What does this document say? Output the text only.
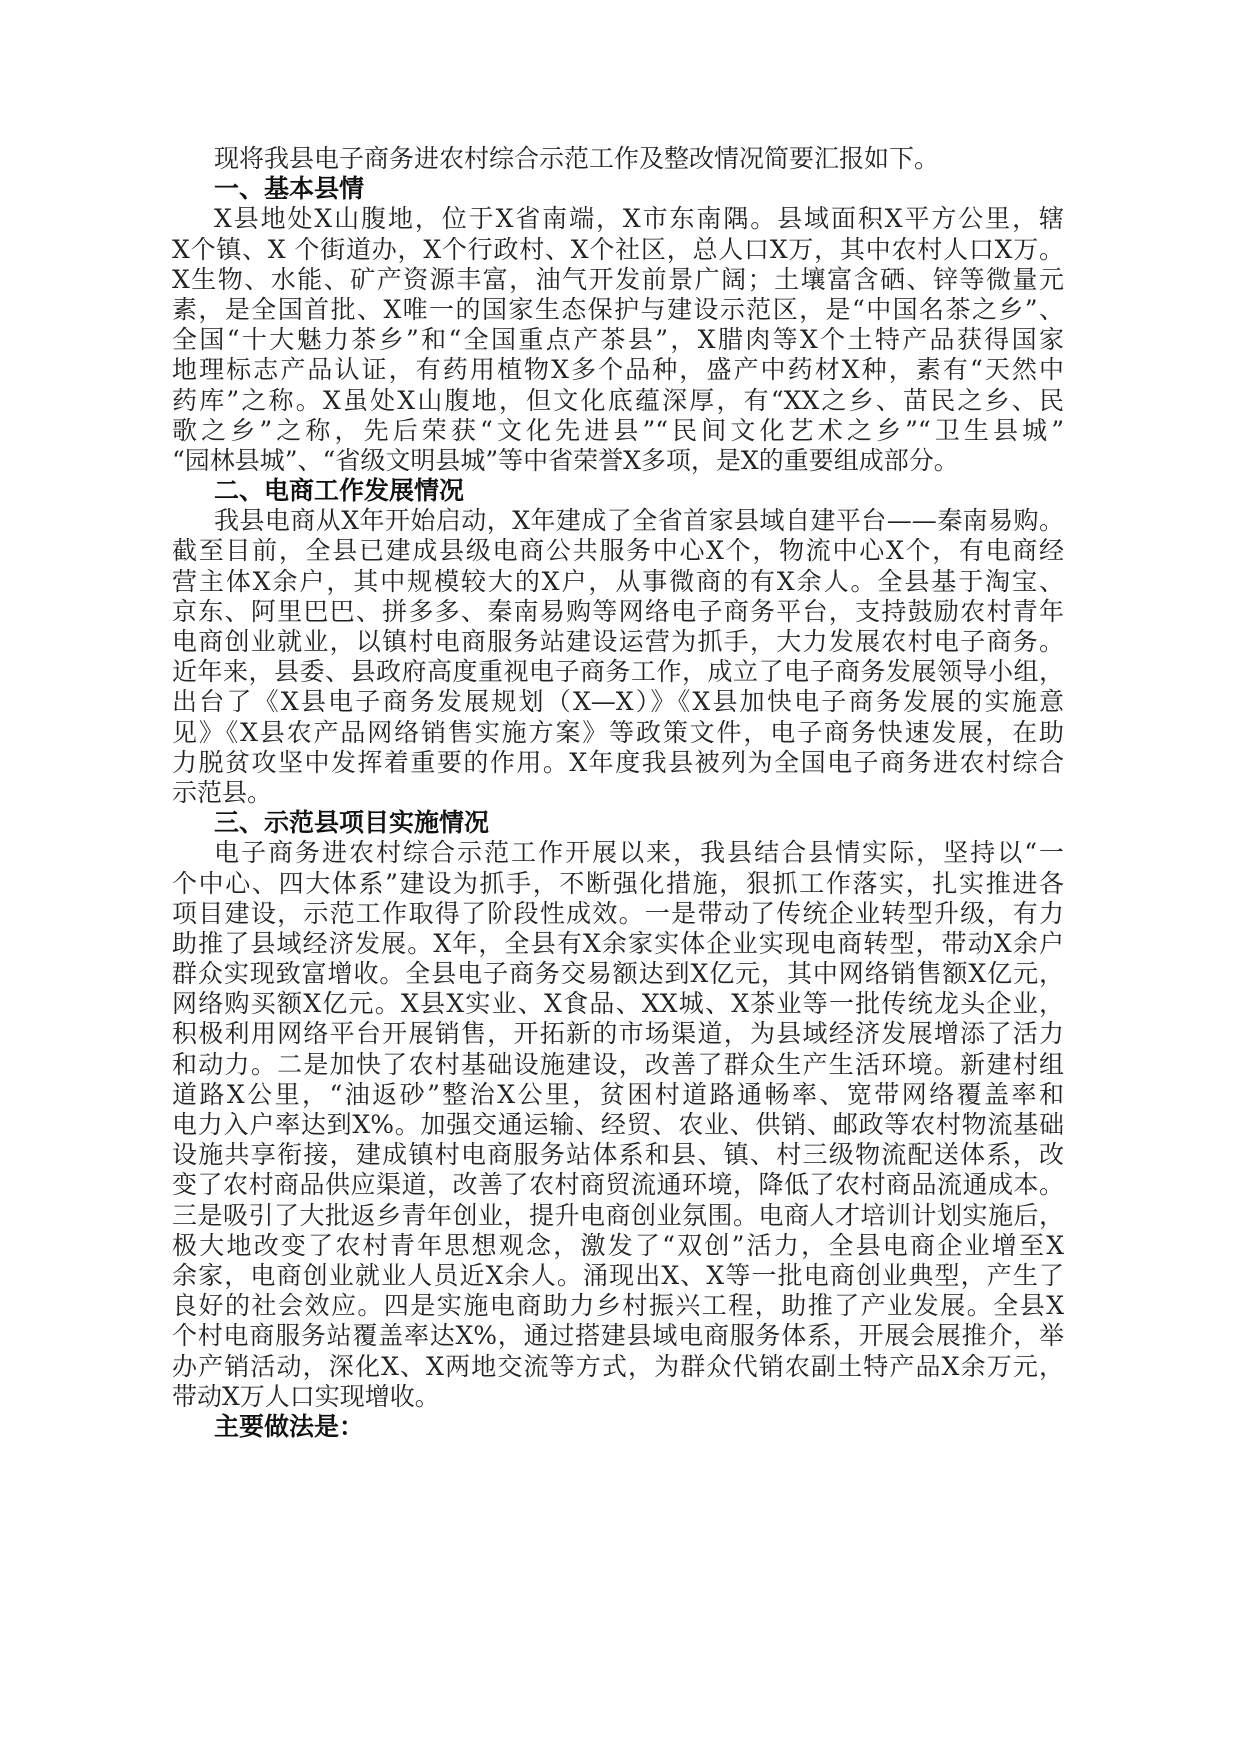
现将我县电子商务进农村综合示范工作及整改情况简要汇报如下。
一、基本县情
X县地处X山腹地，位于X省南端，X市东南隅。县域面积X平方公里，辖
X个镇、X 个街道办，X个行政村、X个社区，总人口X万，其中农村人口X万。
X生物、水能、矿产资源丰富，油气开发前景广阔；土壤富含硒、锌等微量元
素，是全国首批、X唯一的国家生态保护与建设示范区，是“中国名茶之乡”、
全国“十大魅力茶乡”和“全国重点产茶县”，X腊肉等X个土特产品获得国家
地理标志产品认证，有药用植物X多个品种，盛产中药材X种，素有“天然中
药库”之称。X虽处X山腹地，但文化底蕴深厚，有“XX之乡、苗民之乡、民
歌之乡”之称，先后荣获“文化先进县”“民间文化艺术之乡”“卫生县城”
“园林县城”、“省级文明县城”等中省荣誉X多项，是X的重要组成部分。
二、电商工作发展情况
我县电商从X年开始启动，X年建成了全省首家县域自建平台——秦南易购。
截至目前，全县已建成县级电商公共服务中心X个，物流中心X个，有电商经
营主体X余户，其中规模较大的X户，从事微商的有X余人。全县基于淘宝、
京东、阿里巴巴、拼多多、秦南易购等网络电子商务平台，支持鼓励农村青年
电商创业就业，以镇村电商服务站建设运营为抓手，大力发展农村电子商务。
近年来，县委、县政府高度重视电子商务工作，成立了电子商务发展领导小组，
出台了《X县电子商务发展规划（X—X）》《X县加快电子商务发展的实施意
见》《X县农产品网络销售实施方案》等政策文件，电子商务快速发展，在助
力脱贫攻坚中发挥着重要的作用。X年度我县被列为全国电子商务进农村综合
示范县。
三、示范县项目实施情况
电子商务进农村综合示范工作开展以来，我县结合县情实际，坚持以“一
个中心、四大体系”建设为抓手，不断强化措施，狠抓工作落实，扎实推进各
项目建设，示范工作取得了阶段性成效。一是带动了传统企业转型升级，有力
助推了县域经济发展。X年，全县有X余家实体企业实现电商转型，带动X余户
群众实现致富增收。全县电子商务交易额达到X亿元，其中网络销售额X亿元，
网络购买额X亿元。X县X实业、X食品、XX城、X茶业等一批传统龙头企业，
积极利用网络平台开展销售，开拓新的市场渠道，为县域经济发展增添了活力
和动力。二是加快了农村基础设施建设，改善了群众生产生活环境。新建村组
道路X公里，“油返砂”整治X公里，贫困村道路通畅率、宽带网络覆盖率和
电力入户率达到X%。加强交通运输、经贸、农业、供销、邮政等农村物流基础
设施共享衔接，建成镇村电商服务站体系和县、镇、村三级物流配送体系，改
变了农村商品供应渠道，改善了农村商贸流通环境，降低了农村商品流通成本。
三是吸引了大批返乡青年创业，提升电商创业氛围。电商人才培训计划实施后，
极大地改变了农村青年思想观念，激发了“双创”活力，全县电商企业增至X
余家，电商创业就业人员近X余人。涌现出X、X等一批电商创业典型，产生了
良好的社会效应。四是实施电商助力乡村振兴工程，助推了产业发展。全县X
个村电商服务站覆盖率达X%，通过搭建县域电商服务体系，开展会展推介，举
办产销活动，深化X、X两地交流等方式，为群众代销农副土特产品X余万元，
带动X万人口实现增收。
主要做法是：
